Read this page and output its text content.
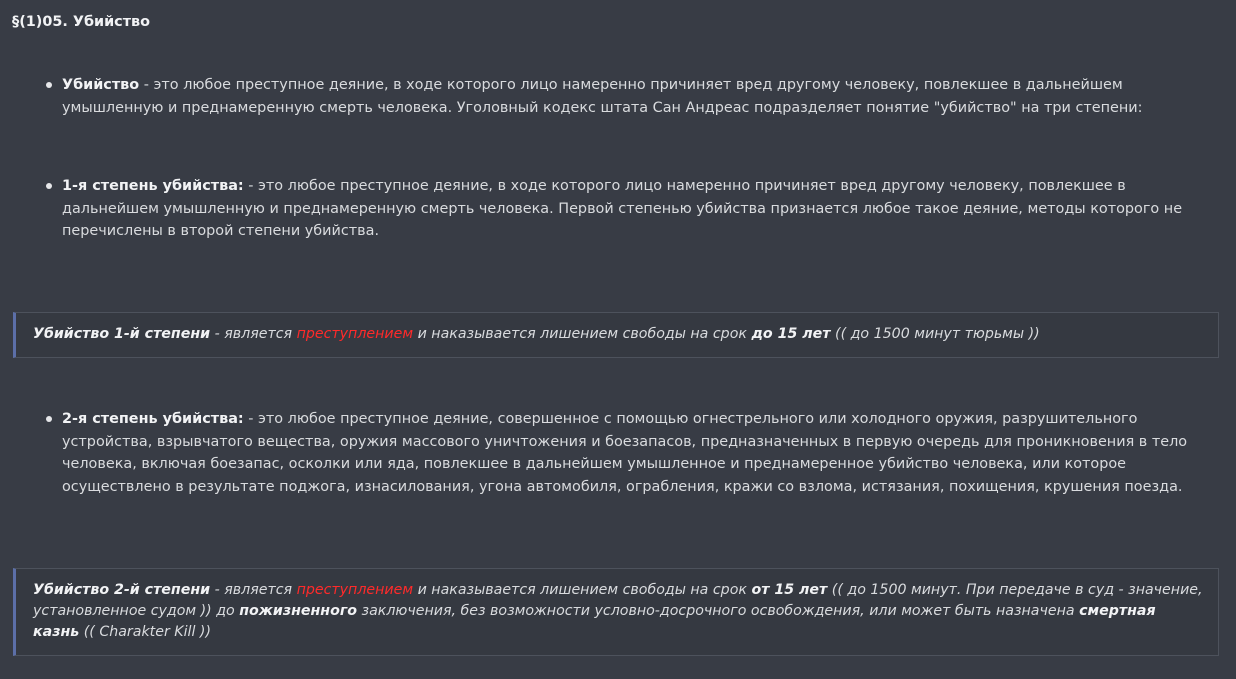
§(1)05. Убийство
Убийство - это любое преступное деяние, в ходе которого лицо намеренно причиняет вред другому человеку, повлекшее в дальнейшем умышленную и преднамеренную смерть человека. Уголовный кодекс штата Сан Андреас подразделяет понятие "убийство" на три степени:
1-я степень убийства: - это любое преступное деяние, в ходе которого лицо намеренно причиняет вред другому человеку, повлекшее в дальнейшем умышленную и преднамеренную смерть человека. Первой степенью убийства признается любое такое деяние, методы которого не перечислены в второй степени убийства.
Убийство 1-й степени - является преступлением и наказывается лишением свободы на срок до 15 лет (( до 1500 минут тюрьмы ))
2-я степень убийства: - это любое преступное деяние, совершенное с помощью огнестрельного или холодного оружия, разрушительного устройства, взрывчатого вещества, оружия массового уничтожения и боезапасов, предназначенных в первую очередь для проникновения в тело человека, включая боезапас, осколки или яда, повлекшее в дальнейшем умышленное и преднамеренное убийство человека, или которое осуществлено в результате поджога, изнасилования, угона автомобиля, ограбления, кражи со взлома, истязания, похищения, крушения поезда.
Убийство 2-й степени - является преступлением и наказывается лишением свободы на срок от 15 лет (( до 1500 минут. При передаче в суд - значение, установленное судом )) до пожизненного заключения, без возможности условно-досрочного освобождения, или может быть назначена смертная казнь (( Charakter Kill ))
